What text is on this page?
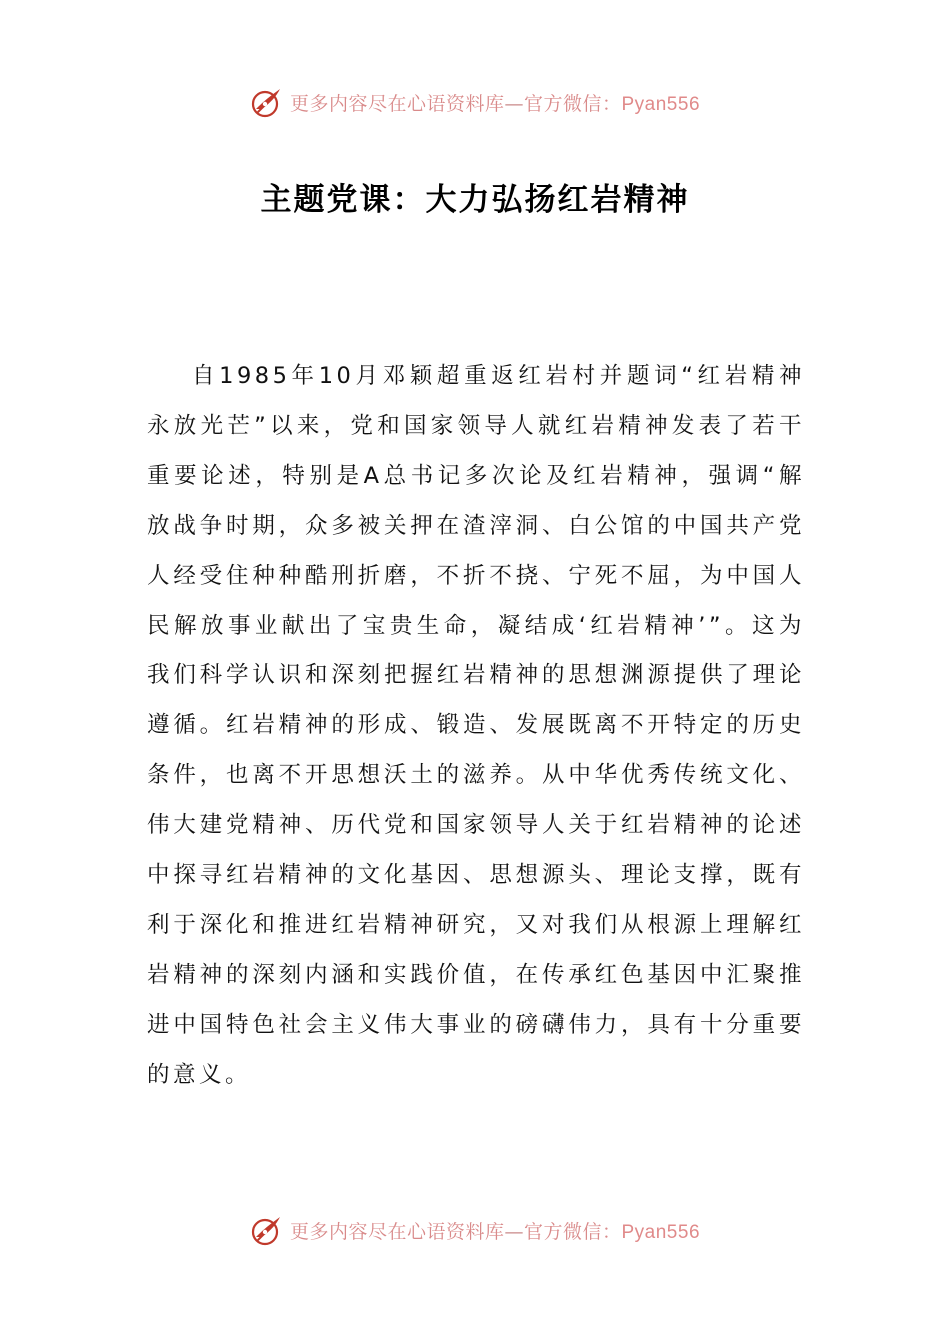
更多内容尽在心语资料库—官方微信：Pyan556
主题党课：大力弘扬红岩精神

自1985年10月邓颖超重返红岩村并题词“红岩精神永放光芒”以来，党和国家领导人就红岩精神发表了若干重要论述，特别是A总书记多次论及红岩精神，强调“解放战争时期，众多被关押在渣滓洞、白公馆的中国共产党人经受住种种酷刑折磨，不折不挠、宁死不屈，为中国人民解放事业献出了宝贵生命，凝结成‘红岩精神’”。这为我们科学认识和深刻把握红岩精神的思想渊源提供了理论遵循。红岩精神的形成、锻造、发展既离不开特定的历史条件，也离不开思想沃土的滋养。从中华优秀传统文化、伟大建党精神、历代党和国家领导人关于红岩精神的论述中探寻红岩精神的文化基因、思想源头、理论支撑，既有利于深化和推进红岩精神研究，又对我们从根源上理解红岩精神的深刻内涵和实践价值，在传承红色基因中汇聚推进中国特色社会主义伟大事业的磅礴伟力，具有十分重要的意义。

更多内容尽在心语资料库—官方微信：Pyan556
